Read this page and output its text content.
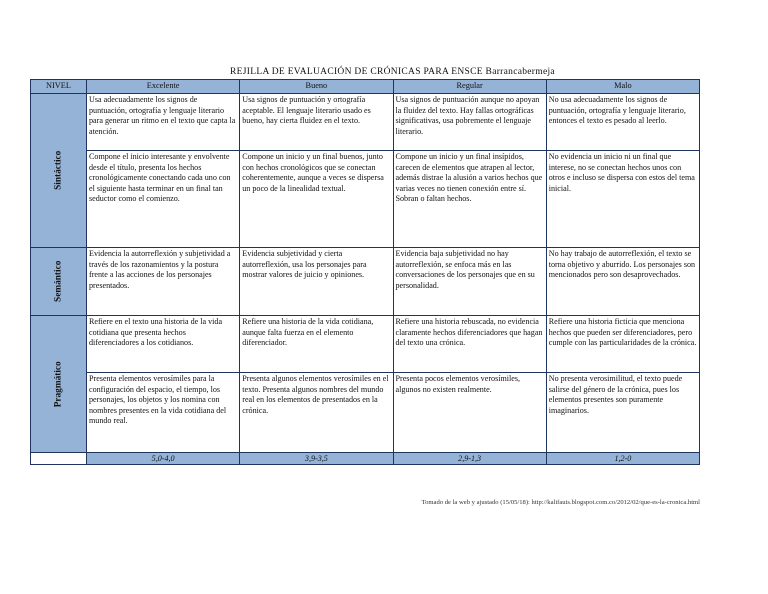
REJILLA DE EVALUACIÓN DE CRÓNICAS PARA ENSCE Barrancabermeja
NIVEL	Excelente	Bueno	Regular	Malo
Sintáctico	Usa adecuadamente los signos de puntuación, ortografía y lenguaje literario para generar un ritmo en el texto que capta la atención.	Usa signos de puntuación y ortografía aceptable. El lenguaje literario usado es bueno, hay cierta fluidez en el texto.	Usa signos de puntuación aunque no apoyan la fluidez del texto. Hay fallas ortográficas significativas, usa pobremente el lenguaje literario.	No usa adecuadamente los signos de puntuación, ortografía y lenguaje literario, entonces el texto es pesado al leerlo.
	Compone el inicio interesante y envolvente desde el título, presenta los hechos cronológicamente conectando cada uno con el siguiente hasta terminar en un final tan seductor como el comienzo.	Compone un inicio y un final buenos, junto con hechos cronológicos que se conectan coherentemente, aunque a veces se dispersa un poco de la linealidad textual.	Compone un inicio y un final insípidos, carecen de elementos que atrapen al lector, además distrae la alusión a varios hechos que varias veces no tienen conexión entre sí. Sobran o faltan hechos.	No evidencia un inicio ni un final que interese, no se conectan hechos unos con otros e incluso se dispersa con estos del tema inicial.
Semántico	Evidencia la autorreflexión y subjetividad a través de los razonamientos y la postura frente a las acciones de los personajes presentados.	Evidencia subjetividad y cierta autorreflexión, usa los personajes para mostrar valores de juicio y opiniones.	Evidencia baja subjetividad no hay autorreflexión, se enfoca más en las conversaciones de los personajes que en su personalidad.	No hay trabajo de autorreflexión, el texto se torna objetivo y aburrido. Los personajes son mencionados pero son desaprovechados.
Pragmático	Refiere en el texto una historia de la vida cotidiana que presenta hechos diferenciadores a los cotidianos.	Refiere una historia de la vida cotidiana, aunque falta fuerza en el elemento diferenciador.	Refiere una historia rebuscada, no evidencia claramente hechos diferenciadores que hagan del texto una crónica.	Refiere una historia ficticia que menciona hechos que pueden ser diferenciadores, pero cumple con las particularidades de la crónica.
	Presenta elementos verosímiles para la configuración del espacio, el tiempo, los personajes, los objetos y los nomina con nombres presentes en la vida cotidiana del mundo real.	Presenta algunos elementos verosímiles en el texto. Presenta algunos nombres del mundo real en los elementos de presentados en la crónica.	Presenta pocos elementos verosímiles, algunos no existen realmente.	No presenta verosimilitud, el texto puede salirse del género de la crónica, pues los elementos presentes son puramente imaginarios.
	5,0-4,0	3,9-3,5	2,9-1,3	1,2-0
Tomado de la web y ajustado (15/05/18): http://kalifauis.blogspot.com.co/2012/02/que-es-la-cronica.html
